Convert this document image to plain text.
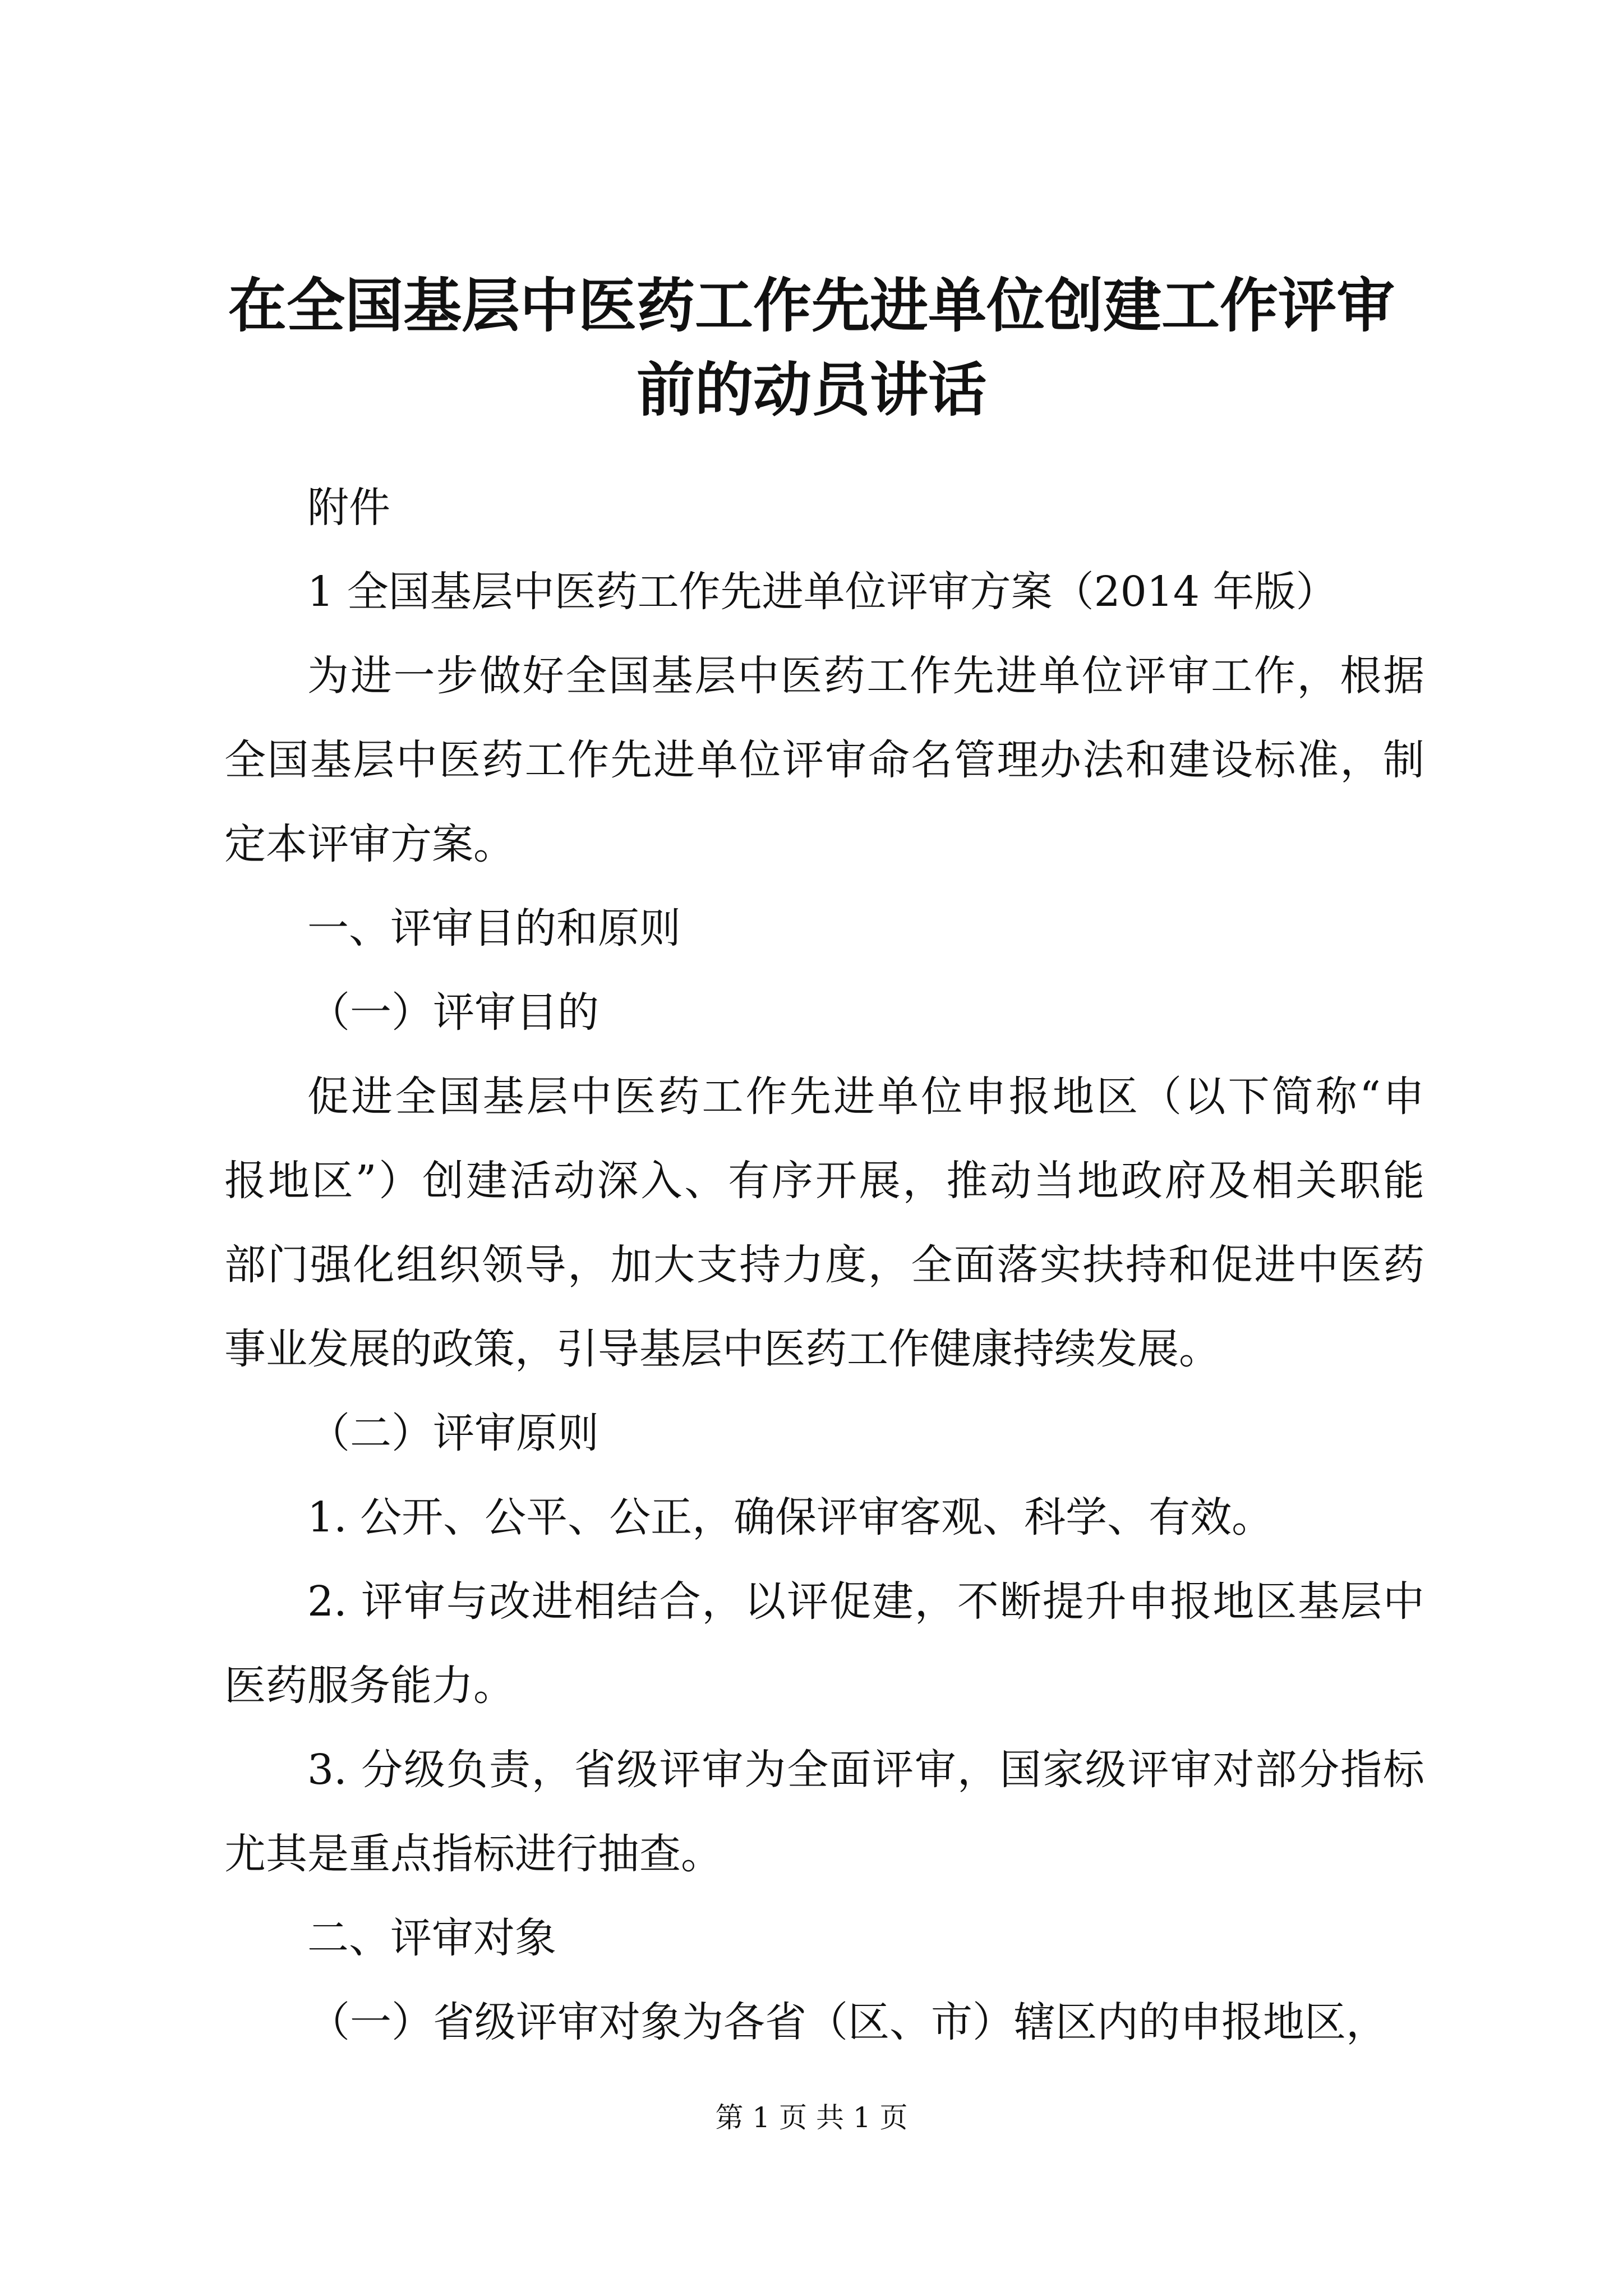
在全国基层中医药工作先进单位创建工作评审
前的动员讲话

附件

1 全国基层中医药工作先进单位评审方案（2014 年版）

为进一步做好全国基层中医药工作先进单位评审工作，根据

全国基层中医药工作先进单位评审命名管理办法和建设标准，制

定本评审方案。

一、评审目的和原则

（一）评审目的

促进全国基层中医药工作先进单位申报地区（以下简称“申

报地区”）创建活动深入、有序开展，推动当地政府及相关职能

部门强化组织领导，加大支持力度，全面落实扶持和促进中医药

事业发展的政策，引导基层中医药工作健康持续发展。

（二）评审原则

1. 公开、公平、公正，确保评审客观、科学、有效。

2. 评审与改进相结合，以评促建，不断提升申报地区基层中

医药服务能力。

3. 分级负责，省级评审为全面评审，国家级评审对部分指标

尤其是重点指标进行抽查。

二、评审对象

（一）省级评审对象为各省（区、市）辖区内的申报地区，

第 1 页 共 1 页
